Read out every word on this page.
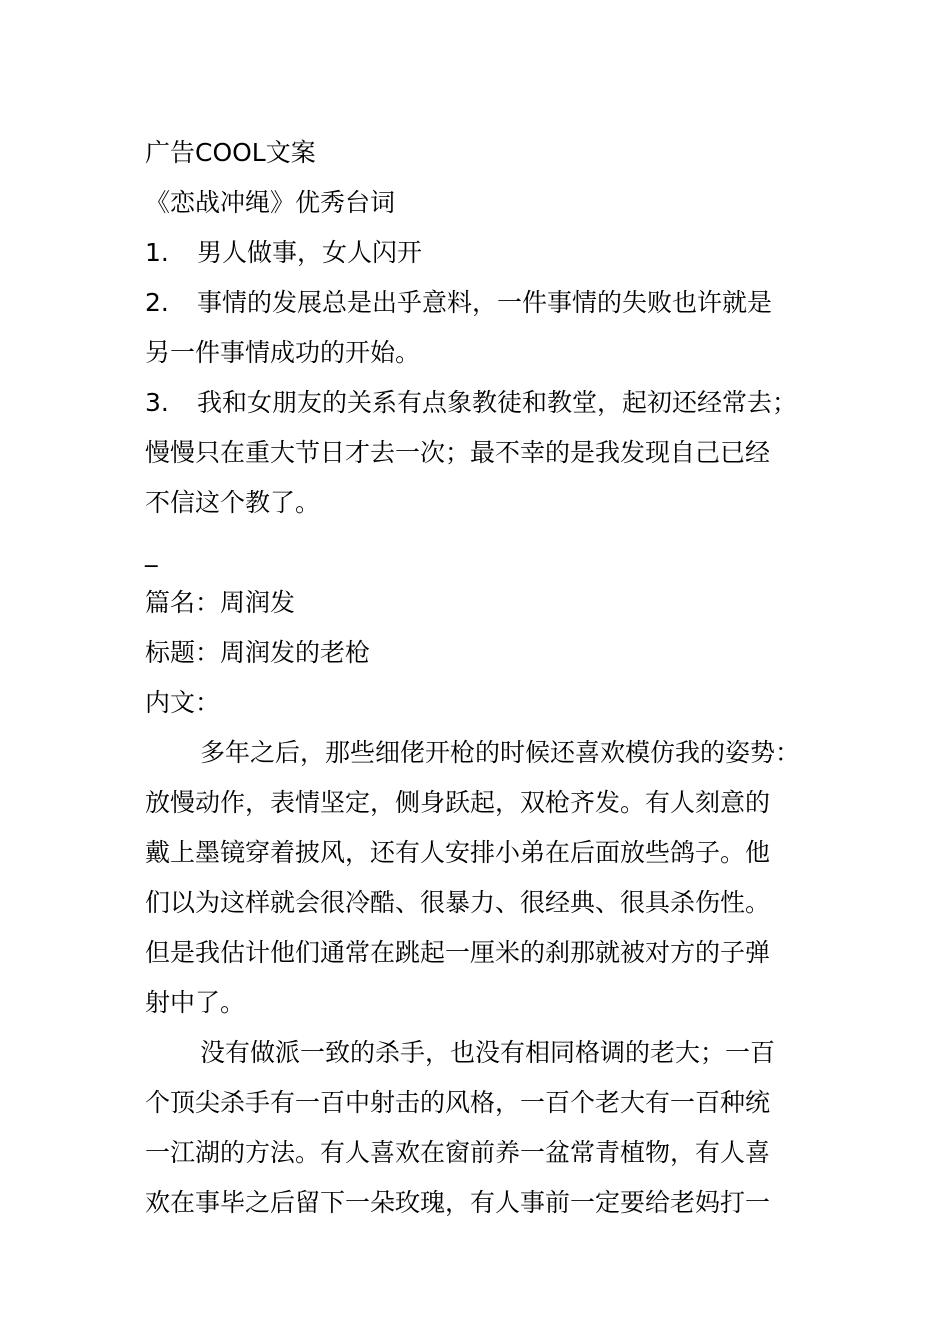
广告COOL文案
《恋战冲绳》优秀台词
1. 男人做事，女人闪开
2. 事情的发展总是出乎意料，一件事情的失败也许就是
另一件事情成功的开始。
3. 我和女朋友的关系有点象教徒和教堂，起初还经常去；
慢慢只在重大节日才去一次；最不幸的是我发现自己已经
不信这个教了。
_
篇名：周润发
标题：周润发的老枪
内文：
多年之后，那些细佬开枪的时候还喜欢模仿我的姿势：
放慢动作，表情坚定，侧身跃起，双枪齐发。有人刻意的
戴上墨镜穿着披风，还有人安排小弟在后面放些鸽子。他
们以为这样就会很冷酷、很暴力、很经典、很具杀伤性。
但是我估计他们通常在跳起一厘米的刹那就被对方的子弹
射中了。
没有做派一致的杀手，也没有相同格调的老大；一百
个顶尖杀手有一百中射击的风格，一百个老大有一百种统
一江湖的方法。有人喜欢在窗前养一盆常青植物，有人喜
欢在事毕之后留下一朵玫瑰，有人事前一定要给老妈打一
